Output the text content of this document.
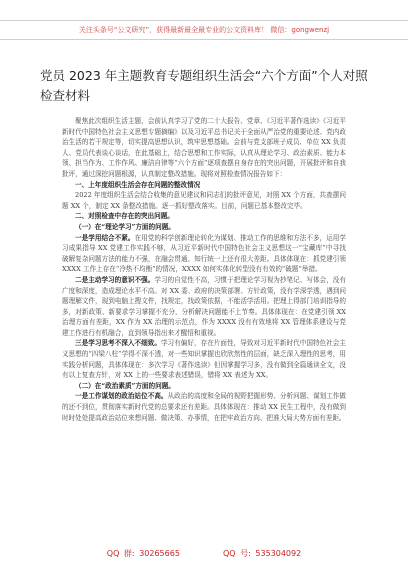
关注头条号“公文研究”，获得最新最全最专业的公文资料库！ 微信：gongwenzj
党员 2023 年主题教育专题组织生活会“六个方面”个人对照检查材料

聚焦此次组织生活主题，会前认真学习了党的二十大报告、党章、《习近平著作选读》《习近平新时代中国特色社会主义思想专题摘编》以及习近平总书记关于全面从严治党的重要论述、党内政治生活的若干规定等，切实提高思想认识，筑牢思想基础。会前与党支部班子成员、单位 XX 负责人、党员代表谈心谈话，在此基础上，结合思想和工作实际，认真从理论学习、政治素质、能力本领、担当作为、工作作风、廉洁自律等“六个方面”逐项查摆自身存在的突出问题，开展批评和自我批评，通过深挖问题根源，认真制定整改措施。现将对照检查情况报告如下：

一、上年度组织生活会存在问题的整改情况

2022 年度组织生活会结合收集的意见建议和同志们的批评意见，对照 XX 个方面，共查摆问题 XX 个，制定 XX 条整改措施。逐一抓好整改落实。目前，问题已基本整改完毕。

二、对照检查中存在的突出问题。

（一）在“理论学习”方面的问题。

一是学用结合不紧。在用党的科学创新理论转化为谋划、推动工作的思维和方法不多，运用学习成果指导 XX 党建工作实践不够，从习近平新时代中国特色社会主义思想这一“宝藏库”中寻找破解复杂问题方法的能力不强，在融会贯通、知行统一上还有很大差距。具体体现在：抓党建引领 XXXX 工作上存在“冷热不均衡”的情况，XXXX 如何实体化转型没有有效的“破题”举措。

二是主动学习的意识不强。学习的自觉性不高，习惯于把理论学习视为抄笔记、写体会，没有广度和深度，造成理论水平不高。对 XX 委、政府的决策部署、方针政策，没有学深学透，遇到问题理解文件，现到电脑上搜文件，找规定，找政策依据，不能活学活用。把理上得部门培训指导的多，对新政策、新要求学习掌握不充分，分析解决问题能不上节奏。具体体现在：在党建引领 XX 治理方面有差距，XX 作为 XX 治理的示范点，作为 XXXX 没有有效地将 XX 管理体系建设与党建工作进行有机融合，直到领导指出来才醒悟和重视。

三是学习思考不深入不细致。学习有偏好，存在片面性，导致对习近平新时代中国特色社会主义思想的“四梁八柱”学得不深不透，对一些知识掌握也欣欣然性的层面，缺乏深入理性的思考，用实践分析问题，具体体现在：多次学习《著作选读》但因掌握学习多，没有做到全篇通读全文，没有以上复查方针，对 XX 上的一些要求表述错误，错将 XX 表述为 XX。

（二）在“政治素质”方面的问题。

一是工作谋划的政治站位不高。从政治的高度和全局的视野把握形势、分析问题、谋划工作做的还不到位，贯彻落实新时代党的总要求还有差距。具体体现在：推动 XX 民生工程中，没有做到时时处处提高政治站位来想问题、做决策、办事情，在把牢政治方向、把准大局大势方面有差距。

QQ 群: 30265665	QQ 号: 535304092
